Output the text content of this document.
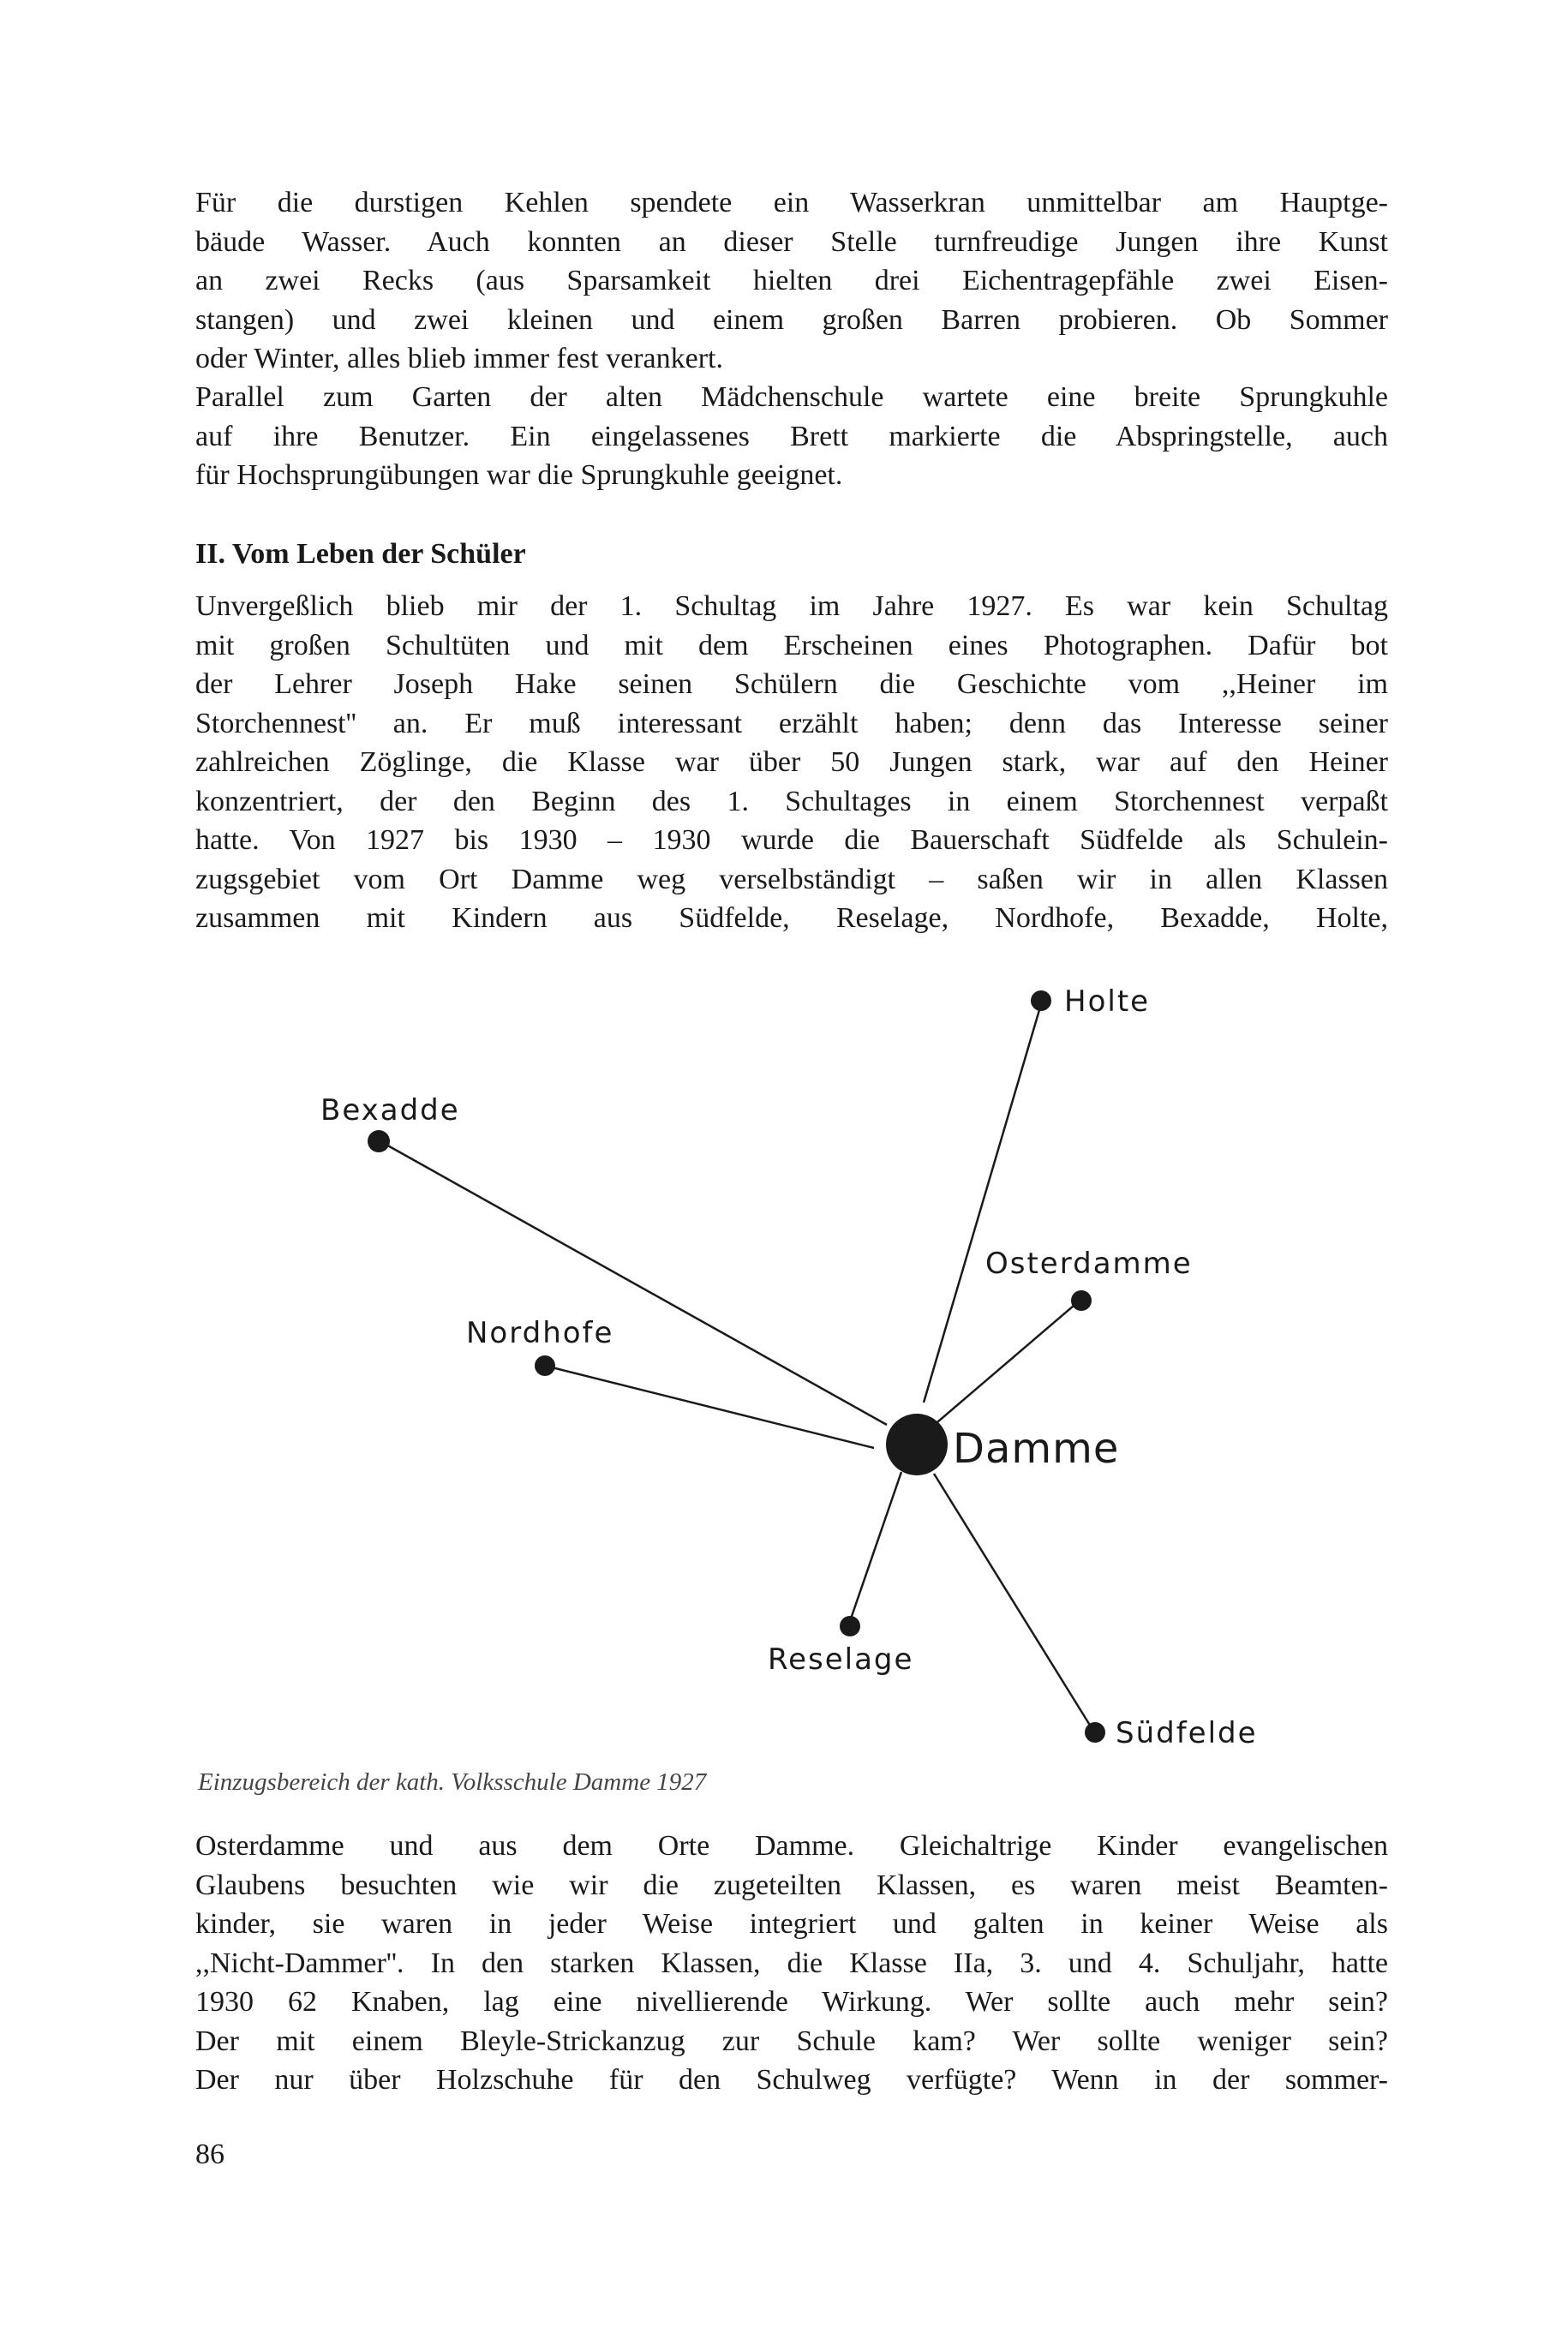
Für die durstigen Kehlen spendete ein Wasserkran unmittelbar am Hauptge-
bäude Wasser. Auch konnten an dieser Stelle turnfreudige Jungen ihre Kunst
an zwei Recks (aus Sparsamkeit hielten drei Eichentragepfähle zwei Eisen-
stangen) und zwei kleinen und einem großen Barren probieren. Ob Sommer
oder Winter, alles blieb immer fest verankert.

Parallel zum Garten der alten Mädchenschule wartete eine breite Sprungkuhle
auf ihre Benutzer. Ein eingelassenes Brett markierte die Abspringstelle, auch
für Hochsprungübungen war die Sprungkuhle geeignet.

II. Vom Leben der Schüler

Unvergeßlich blieb mir der 1. Schultag im Jahre 1927. Es war kein Schultag
mit großen Schultüten und mit dem Erscheinen eines Photographen. Dafür bot
der Lehrer Joseph Hake seinen Schülern die Geschichte vom ,,Heiner im
Storchennest'' an. Er muß interessant erzählt haben; denn das Interesse seiner
zahlreichen Zöglinge, die Klasse war über 50 Jungen stark, war auf den Heiner
konzentriert, der den Beginn des 1. Schultages in einem Storchennest verpaßt
hatte. Von 1927 bis 1930 – 1930 wurde die Bauerschaft Südfelde als Schulein-
zugsgebiet vom Ort Damme weg verselbständigt – saßen wir in allen Klassen
zusammen mit Kindern aus Südfelde, Reselage, Nordhofe, Bexadde, Holte,

Holte
Bexadde
Osterdamme
Nordhofe
Reselage
Südfelde
Damme

Einzugsbereich der kath. Volksschule Damme 1927

Osterdamme und aus dem Orte Damme. Gleichaltrige Kinder evangelischen
Glaubens besuchten wie wir die zugeteilten Klassen, es waren meist Beamten-
kinder, sie waren in jeder Weise integriert und galten in keiner Weise als
,,Nicht-Dammer''. In den starken Klassen, die Klasse IIa, 3. und 4. Schuljahr, hatte
1930 62 Knaben, lag eine nivellierende Wirkung. Wer sollte auch mehr sein?
Der mit einem Bleyle-Strickanzug zur Schule kam? Wer sollte weniger sein?
Der nur über Holzschuhe für den Schulweg verfügte? Wenn in der sommer-

86
